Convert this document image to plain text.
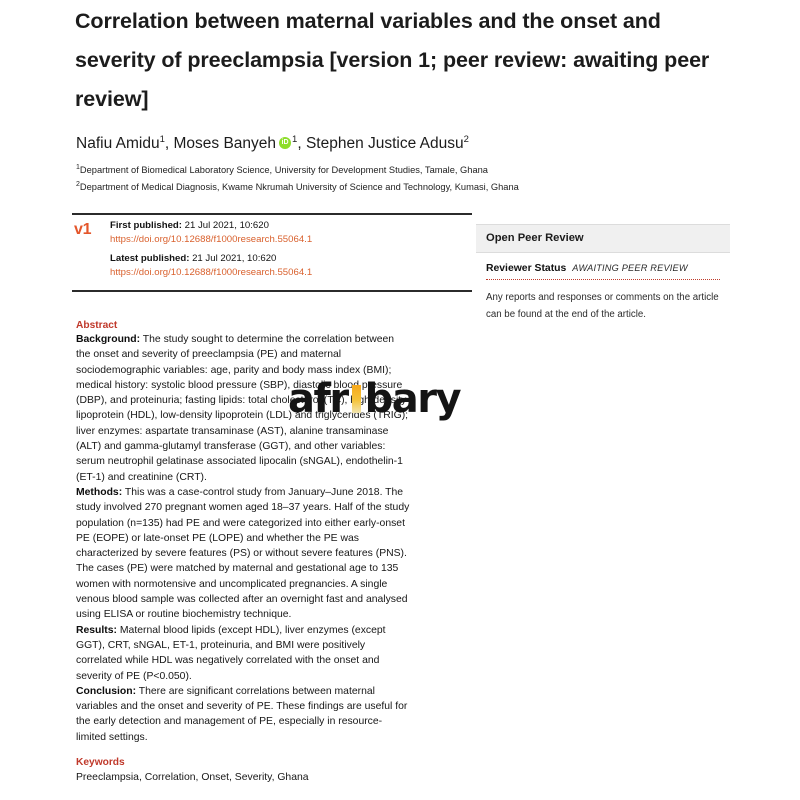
Correlation between maternal variables and the onset and severity of preeclampsia [version 1; peer review: awaiting peer review]
Nafiu Amidu$^1$, Moses Banyeh iD $^1$, Stephen Justice Adusu$^2$
$^1$Department of Biomedical Laboratory Science, University for Development Studies, Tamale, Ghana
$^2$Department of Medical Diagnosis, Kwame Nkrumah University of Science and Technology, Kumasi, Ghana
v1 First published: 21 Jul 2021, 10:620
https://doi.org/10.12688/f1000research.55064.1
Latest published: 21 Jul 2021, 10:620
https://doi.org/10.12688/f1000research.55064.1
Open Peer Review
Reviewer Status AWAITING PEER REVIEW
Any reports and responses or comments on the article can be found at the end of the article.
Abstract

Background: The study sought to determine the correlation between the onset and severity of preeclampsia (PE) and maternal sociodemographic variables: age, parity and body mass index (BMI); medical history: systolic blood pressure (SBP), diastolic blood pressure (DBP), and proteinuria; fasting lipids: total cholesterol (TC), high-density lipoprotein (HDL), low-density lipoprotein (LDL) and triglycerides (TRIG); liver enzymes: aspartate transaminase (AST), alanine transaminase (ALT) and gamma-glutamyl transferase (GGT), and other variables: serum neutrophil gelatinase associated lipocalin (sNGAL), endothelin-1 (ET-1) and creatinine (CRT).

Methods: This was a case-control study from January–June 2018. The study involved 270 pregnant women aged 18–37 years. Half of the study population (n=135) had PE and were categorized into either early-onset PE (EOPE) or late-onset PE (LOPE) and whether the PE was characterized by severe features (PS) or without severe features (PNS). The cases (PE) were matched by maternal and gestational age to 135 women with normotensive and uncomplicated pregnancies. A single venous blood sample was collected after an overnight fast and analysed using ELISA or routine biochemistry technique.

Results: Maternal blood lipids (except HDL), liver enzymes (except GGT), CRT, sNGAL, ET-1, proteinuria, and BMI were positively correlated while HDL was negatively correlated with the onset and severity of PE (P<0.050).

Conclusion: There are significant correlations between maternal variables and the onset and severity of PE. These findings are useful for the early detection and management of PE, especially in resource-limited settings.

Keywords
Preeclampsia, Correlation, Onset, Severity, Ghana
afr bary
